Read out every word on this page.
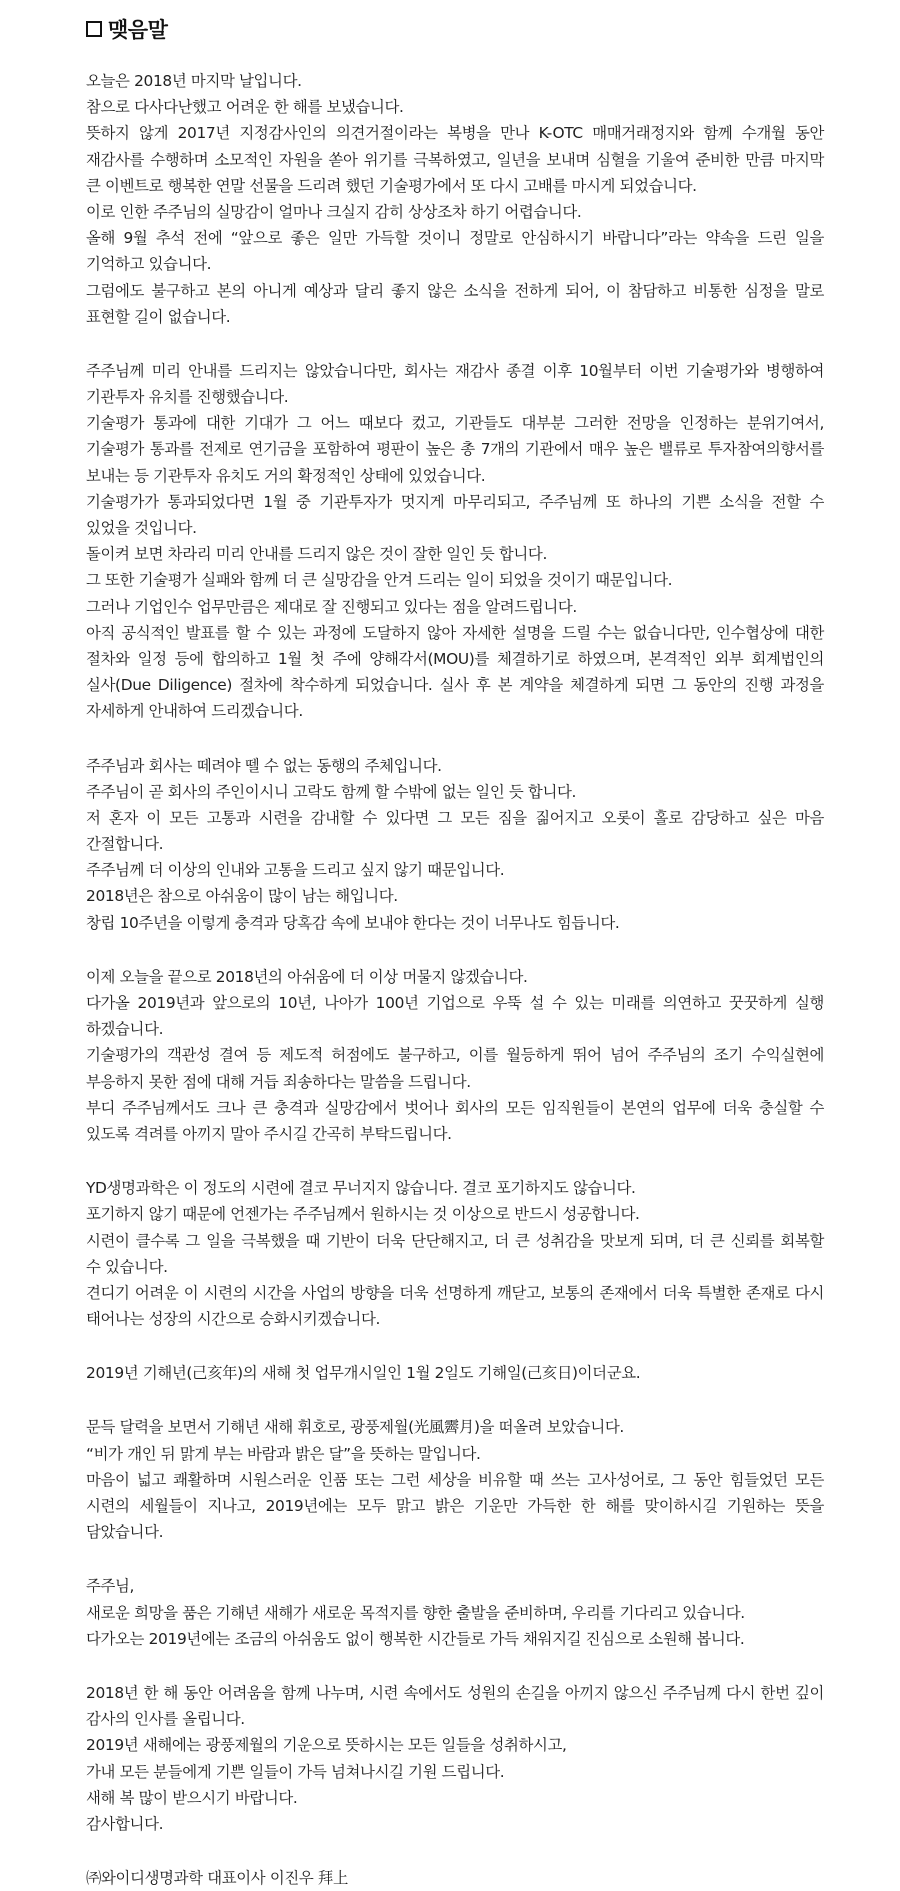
맺음말
오늘은 2018년 마지막 날입니다.
참으로 다사다난했고 어려운 한 해를 보냈습니다.
뜻하지 않게 2017년 지정감사인의 의견거절이라는 복병을 만나 K-OTC 매매거래정지와 함께 수개월 동안
재감사를 수행하며 소모적인 자원을 쏟아 위기를 극복하였고, 일년을 보내며 심혈을 기울여 준비한 만큼 마지막
큰 이벤트로 행복한 연말 선물을 드리려 했던 기술평가에서 또 다시 고배를 마시게 되었습니다.
이로 인한 주주님의 실망감이 얼마나 크실지 감히 상상조차 하기 어렵습니다.
올해 9월 추석 전에 “앞으로 좋은 일만 가득할 것이니 정말로 안심하시기 바랍니다”라는 약속을 드린 일을
기억하고 있습니다.
그럼에도 불구하고 본의 아니게 예상과 달리 좋지 않은 소식을 전하게 되어, 이 참담하고 비통한 심정을 말로
표현할 길이 없습니다.
주주님께 미리 안내를 드리지는 않았습니다만, 회사는 재감사 종결 이후 10월부터 이번 기술평가와 병행하여
기관투자 유치를 진행했습니다.
기술평가 통과에 대한 기대가 그 어느 때보다 컸고, 기관들도 대부분 그러한 전망을 인정하는 분위기여서,
기술평가 통과를 전제로 연기금을 포함하여 평판이 높은 총 7개의 기관에서 매우 높은 밸류로 투자참여의향서를
보내는 등 기관투자 유치도 거의 확정적인 상태에 있었습니다.
기술평가가 통과되었다면 1월 중 기관투자가 멋지게 마무리되고, 주주님께 또 하나의 기쁜 소식을 전할 수
있었을 것입니다.
돌이켜 보면 차라리 미리 안내를 드리지 않은 것이 잘한 일인 듯 합니다.
그 또한 기술평가 실패와 함께 더 큰 실망감을 안겨 드리는 일이 되었을 것이기 때문입니다.
그러나 기업인수 업무만큼은 제대로 잘 진행되고 있다는 점을 알려드립니다.
아직 공식적인 발표를 할 수 있는 과정에 도달하지 않아 자세한 설명을 드릴 수는 없습니다만, 인수협상에 대한
절차와 일정 등에 합의하고 1월 첫 주에 양해각서(MOU)를 체결하기로 하였으며, 본격적인 외부 회계법인의
실사(Due Diligence) 절차에 착수하게 되었습니다. 실사 후 본 계약을 체결하게 되면 그 동안의 진행 과정을
자세하게 안내하여 드리겠습니다.
주주님과 회사는 떼려야 뗄 수 없는 동행의 주체입니다.
주주님이 곧 회사의 주인이시니 고락도 함께 할 수밖에 없는 일인 듯 합니다.
저 혼자 이 모든 고통과 시련을 감내할 수 있다면 그 모든 짐을 짊어지고 오롯이 홀로 감당하고 싶은 마음
간절합니다.
주주님께 더 이상의 인내와 고통을 드리고 싶지 않기 때문입니다.
2018년은 참으로 아쉬움이 많이 남는 해입니다.
창립 10주년을 이렇게 충격과 당혹감 속에 보내야 한다는 것이 너무나도 힘듭니다.
이제 오늘을 끝으로 2018년의 아쉬움에 더 이상 머물지 않겠습니다.
다가올 2019년과 앞으로의 10년, 나아가 100년 기업으로 우뚝 설 수 있는 미래를 의연하고 꿋꿋하게 실행
하겠습니다.
기술평가의 객관성 결여 등 제도적 허점에도 불구하고, 이를 월등하게 뛰어 넘어 주주님의 조기 수익실현에
부응하지 못한 점에 대해 거듭 죄송하다는 말씀을 드립니다.
부디 주주님께서도 크나 큰 충격과 실망감에서 벗어나 회사의 모든 임직원들이 본연의 업무에 더욱 충실할 수
있도록 격려를 아끼지 말아 주시길 간곡히 부탁드립니다.
YD생명과학은 이 정도의 시련에 결코 무너지지 않습니다. 결코 포기하지도 않습니다.
포기하지 않기 때문에 언젠가는 주주님께서 원하시는 것 이상으로 반드시 성공합니다.
시련이 클수록 그 일을 극복했을 때 기반이 더욱 단단해지고, 더 큰 성취감을 맛보게 되며, 더 큰 신뢰를 회복할
수 있습니다.
견디기 어려운 이 시련의 시간을 사업의 방향을 더욱 선명하게 깨닫고, 보통의 존재에서 더욱 특별한 존재로 다시
태어나는 성장의 시간으로 승화시키겠습니다.
2019년 기해년(己亥年)의 새해 첫 업무개시일인 1월 2일도 기해일(己亥日)이더군요.
문득 달력을 보면서 기해년 새해 휘호로, 광풍제월(光風霽月)을 떠올려 보았습니다.
“비가 개인 뒤 맑게 부는 바람과 밝은 달”을 뜻하는 말입니다.
마음이 넓고 쾌활하며 시원스러운 인품 또는 그런 세상을 비유할 때 쓰는 고사성어로, 그 동안 힘들었던 모든
시련의 세월들이 지나고, 2019년에는 모두 맑고 밝은 기운만 가득한 한 해를 맞이하시길 기원하는 뜻을
담았습니다.
주주님,
새로운 희망을 품은 기해년 새해가 새로운 목적지를 향한 출발을 준비하며, 우리를 기다리고 있습니다.
다가오는 2019년에는 조금의 아쉬움도 없이 행복한 시간들로 가득 채워지길 진심으로 소원해 봅니다.
2018년 한 해 동안 어려움을 함께 나누며, 시련 속에서도 성원의 손길을 아끼지 않으신 주주님께 다시 한번 깊이
감사의 인사를 올립니다.
2019년 새해에는 광풍제월의 기운으로 뜻하시는 모든 일들을 성취하시고,
가내 모든 분들에게 기쁜 일들이 가득 넘쳐나시길 기원 드립니다.
새해 복 많이 받으시기 바랍니다.
감사합니다.
㈜와이디생명과학 대표이사 이진우 拜上
